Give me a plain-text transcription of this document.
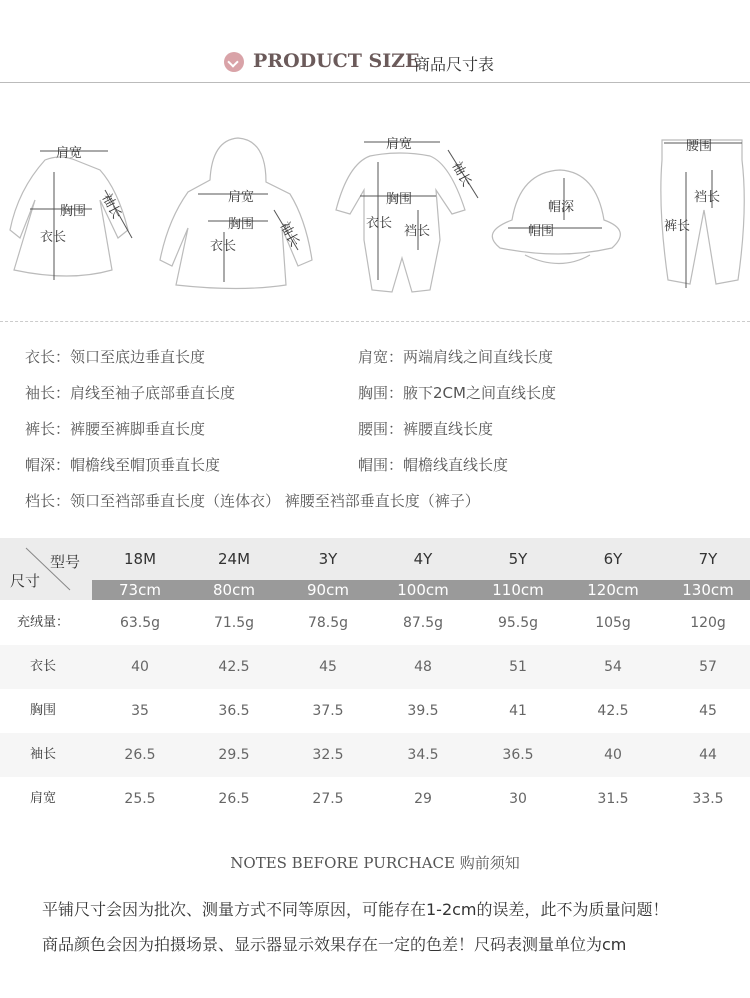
PRODUCT SIZE
商品尺寸表
肩宽
胸围 袖长
衣长
肩宽
胸围 袖长
衣长
肩宽
袖长
胸围
衣长
裆长
帽深
帽围
腰围
裆长
裤长
衣长：领口至底边垂直长度	肩宽：两端肩线之间直线长度
袖长：肩线至袖子底部垂直长度	胸围：腋下2CM之间直线长度
裤长：裤腰至裤脚垂直长度	腰围：裤腰直线长度
帽深：帽檐线至帽顶垂直长度	帽围：帽檐线直线长度
档长：领口至裆部垂直长度（连体衣） 裤腰至裆部垂直长度（裤子）
型号
尺寸
18M	24M	3Y	4Y	5Y	6Y	7Y
73cm	80cm	90cm	100cm	110cm	120cm	130cm
充绒量：	63.5g	71.5g	78.5g	87.5g	95.5g	105g	120g
衣长	40	42.5	45	48	51	54	57
胸围	35	36.5	37.5	39.5	41	42.5	45
袖长	26.5	29.5	32.5	34.5	36.5	40	44
肩宽	25.5	26.5	27.5	29	30	31.5	33.5
NOTES BEFORE PURCHACE 购前须知
平铺尺寸会因为批次、测量方式不同等原因，可能存在1-2cm的误差，此不为质量问题！
商品颜色会因为拍摄场景、显示器显示效果存在一定的色差！尺码表测量单位为cm
